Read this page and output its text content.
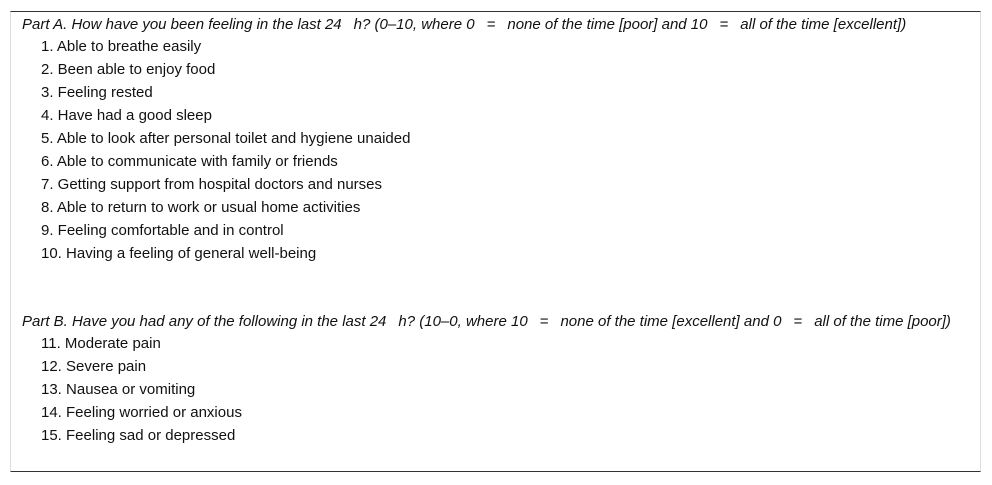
Part A. How have you been feeling in the last 24    h? (0–10, where 0    =    none of the time [poor] and 10    =    all of the time [excellent])

1. Able to breathe easily
2. Been able to enjoy food
3. Feeling rested
4. Have had a good sleep
5. Able to look after personal toilet and hygiene unaided
6. Able to communicate with family or friends
7. Getting support from hospital doctors and nurses
8. Able to return to work or usual home activities
9. Feeling comfortable and in control
10. Having a feeling of general well-being

Part B. Have you had any of the following in the last 24    h? (10–0, where 10    =    none of the time [excellent] and 0    =    all of the time [poor])

11. Moderate pain
12. Severe pain
13. Nausea or vomiting
14. Feeling worried or anxious
15. Feeling sad or depressed
